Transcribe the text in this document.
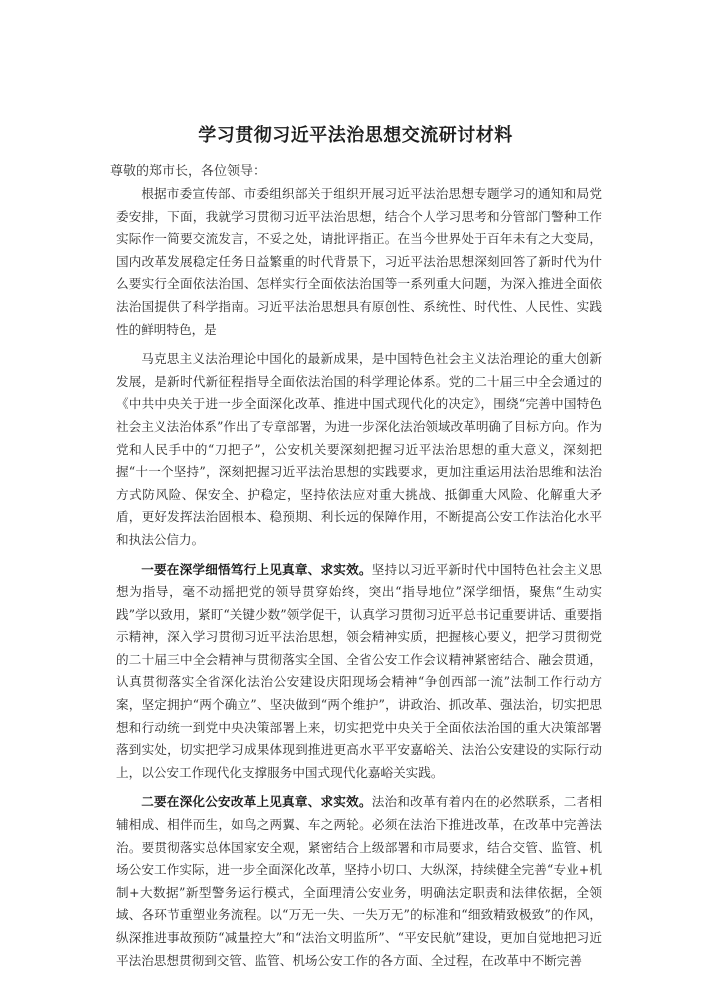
学习贯彻习近平法治思想交流研讨材料
尊敬的郑市长，各位领导：

根据市委宣传部、市委组织部关于组织开展习近平法治思想专题学习的通知和局党委安排，下面，我就学习贯彻习近平法治思想，结合个人学习思考和分管部门警种工作实际作一简要交流发言，不妥之处，请批评指正。在当今世界处于百年未有之大变局，国内改革发展稳定任务日益繁重的时代背景下，习近平法治思想深刻回答了新时代为什么要实行全面依法治国、怎样实行全面依法治国等一系列重大问题，为深入推进全面依法治国提供了科学指南。习近平法治思想具有原创性、系统性、时代性、人民性、实践性的鲜明特色，是

马克思主义法治理论中国化的最新成果，是中国特色社会主义法治理论的重大创新发展，是新时代新征程指导全面依法治国的科学理论体系。党的二十届三中全会通过的《中共中央关于进一步全面深化改革、推进中国式现代化的决定》，围绕“完善中国特色社会主义法治体系”作出了专章部署，为进一步深化法治领域改革明确了目标方向。作为党和人民手中的“刀把子”，公安机关要深刻把握习近平法治思想的重大意义，深刻把握“十一个坚持”，深刻把握习近平法治思想的实践要求，更加注重运用法治思维和法治方式防风险、保安全、护稳定，坚持依法应对重大挑战、抵御重大风险、化解重大矛盾，更好发挥法治固根本、稳预期、利长远的保障作用，不断提高公安工作法治化水平和执法公信力。

一要在深学细悟笃行上见真章、求实效。坚持以习近平新时代中国特色社会主义思想为指导，毫不动摇把党的领导贯穿始终，突出“指导地位”深学细悟，聚焦“生动实践”学以致用，紧盯“关键少数”领学促干，认真学习贯彻习近平总书记重要讲话、重要指示精神，深入学习贯彻习近平法治思想，领会精神实质，把握核心要义，把学习贯彻党的二十届三中全会精神与贯彻落实全国、全省公安工作会议精神紧密结合、融会贯通，认真贯彻落实全省深化法治公安建设庆阳现场会精神“争创西部一流”法制工作行动方案，坚定拥护“两个确立”、坚决做到“两个维护”，讲政治、抓改革、强法治，切实把思想和行动统一到党中央决策部署上来，切实把党中央关于全面依法治国的重大决策部署落到实处，切实把学习成果体现到推进更高水平平安嘉峪关、法治公安建设的实际行动上，以公安工作现代化支撑服务中国式现代化嘉峪关实践。

二要在深化公安改革上见真章、求实效。法治和改革有着内在的必然联系，二者相辅相成、相伴而生，如鸟之两翼、车之两轮。必须在法治下推进改革，在改革中完善法治。要贯彻落实总体国家安全观，紧密结合上级部署和市局要求，结合交管、监管、机场公安工作实际，进一步全面深化改革，坚持小切口、大纵深，持续健全完善“专业+机制+大数据”新型警务运行模式，全面理清公安业务，明确法定职责和法律依据，全领域、各环节重塑业务流程。以“万无一失、一失万无”的标准和“细致精致极致”的作风，纵深推进事故预防“减量控大”和“法治文明监所”、“平安民航”建设，更加自觉地把习近平法治思想贯彻到交管、监管、机场公安工作的各方面、全过程，在改革中不断完善
